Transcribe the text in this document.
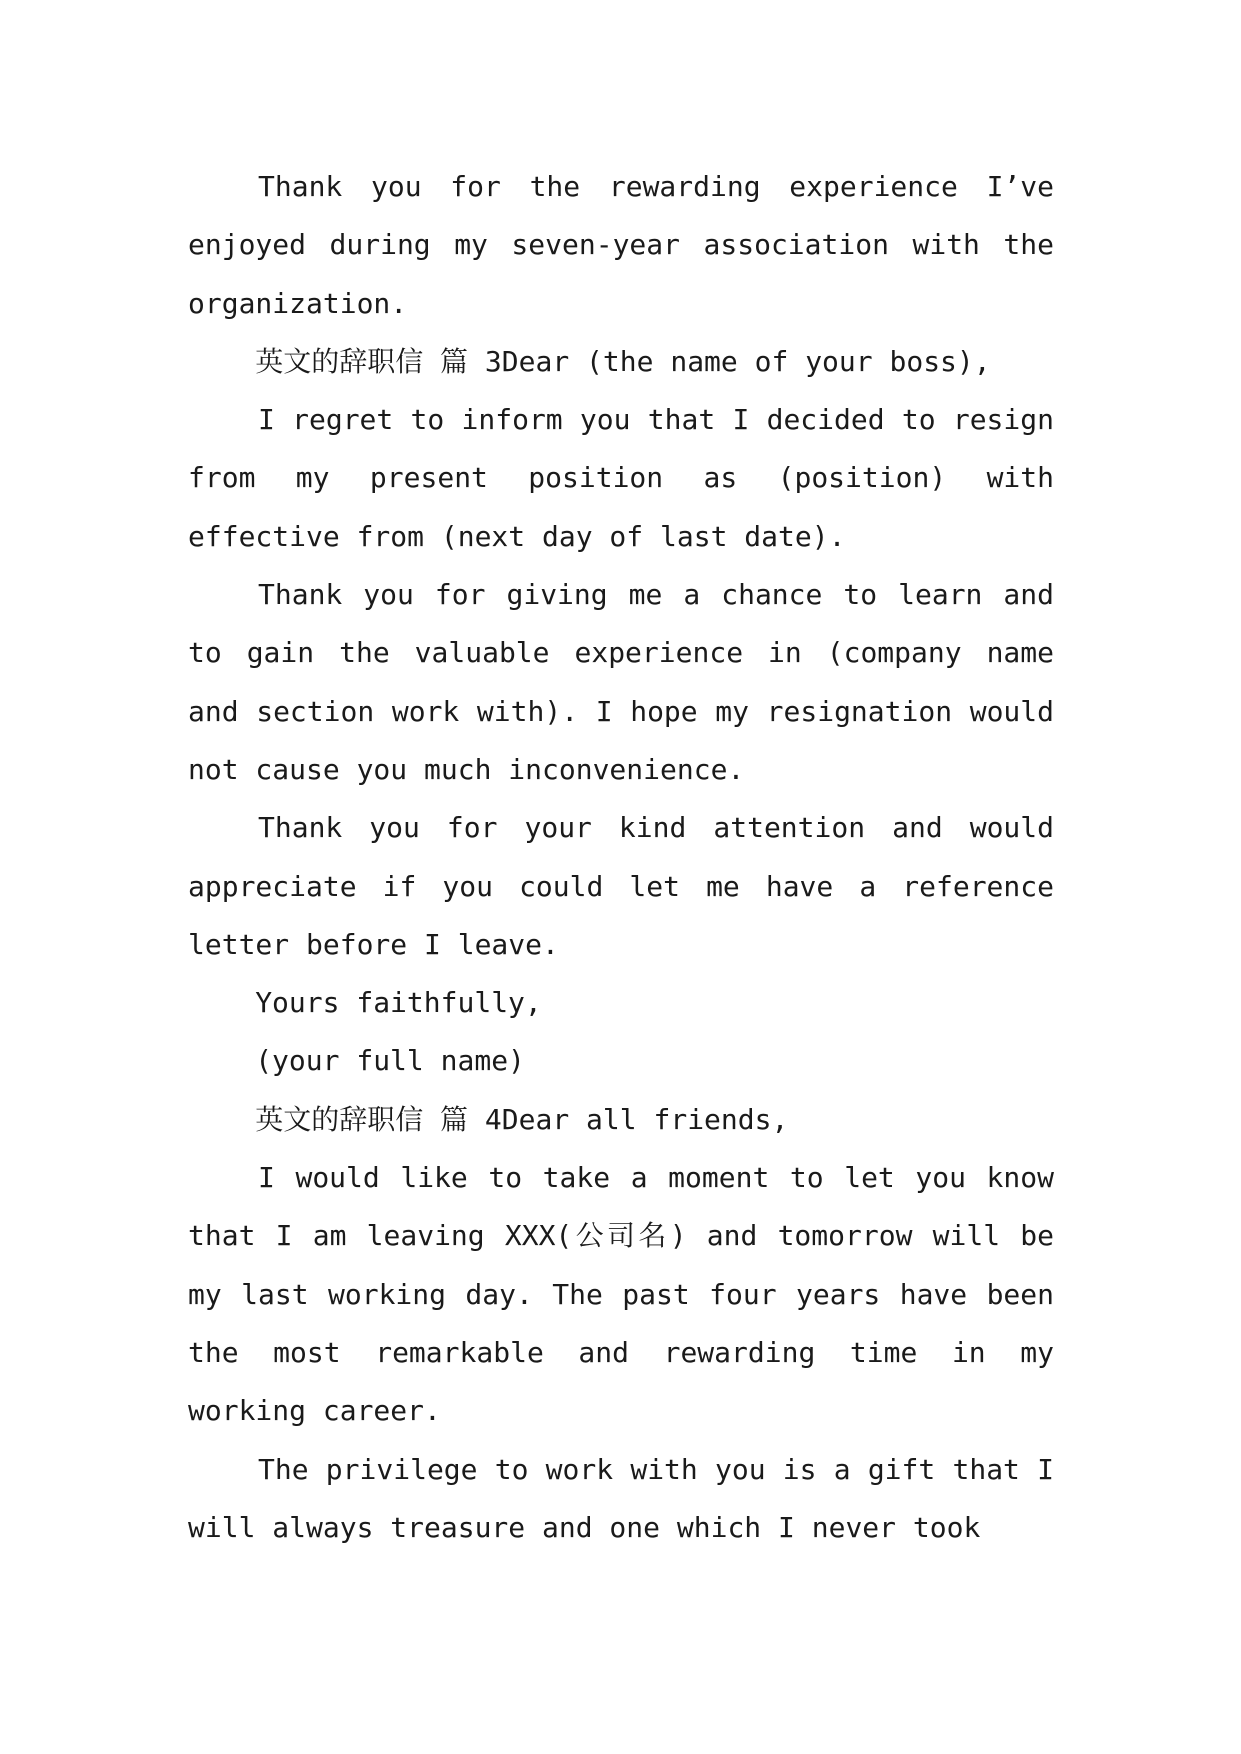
Thank you for the rewarding experience I’ve enjoyed during my seven-year association with the organization.

英文的辞职信 篇 3Dear (the name of your boss),

I regret to inform you that I decided to resign from my present position as (position) with effective from (next day of last date).

Thank you for giving me a chance to learn and to gain the valuable experience in (company name and section work with). I hope my resignation would not cause you much inconvenience.

Thank you for your kind attention and would appreciate if you could let me have a reference letter before I leave.

Yours faithfully,

(your full name)

英文的辞职信 篇 4Dear all friends,

I would like to take a moment to let you know that I am leaving XXX(公司名) and tomorrow will be my last working day. The past four years have been the most remarkable and rewarding time in my working career.

The privilege to work with you is a gift that I will always treasure and one which I never took
